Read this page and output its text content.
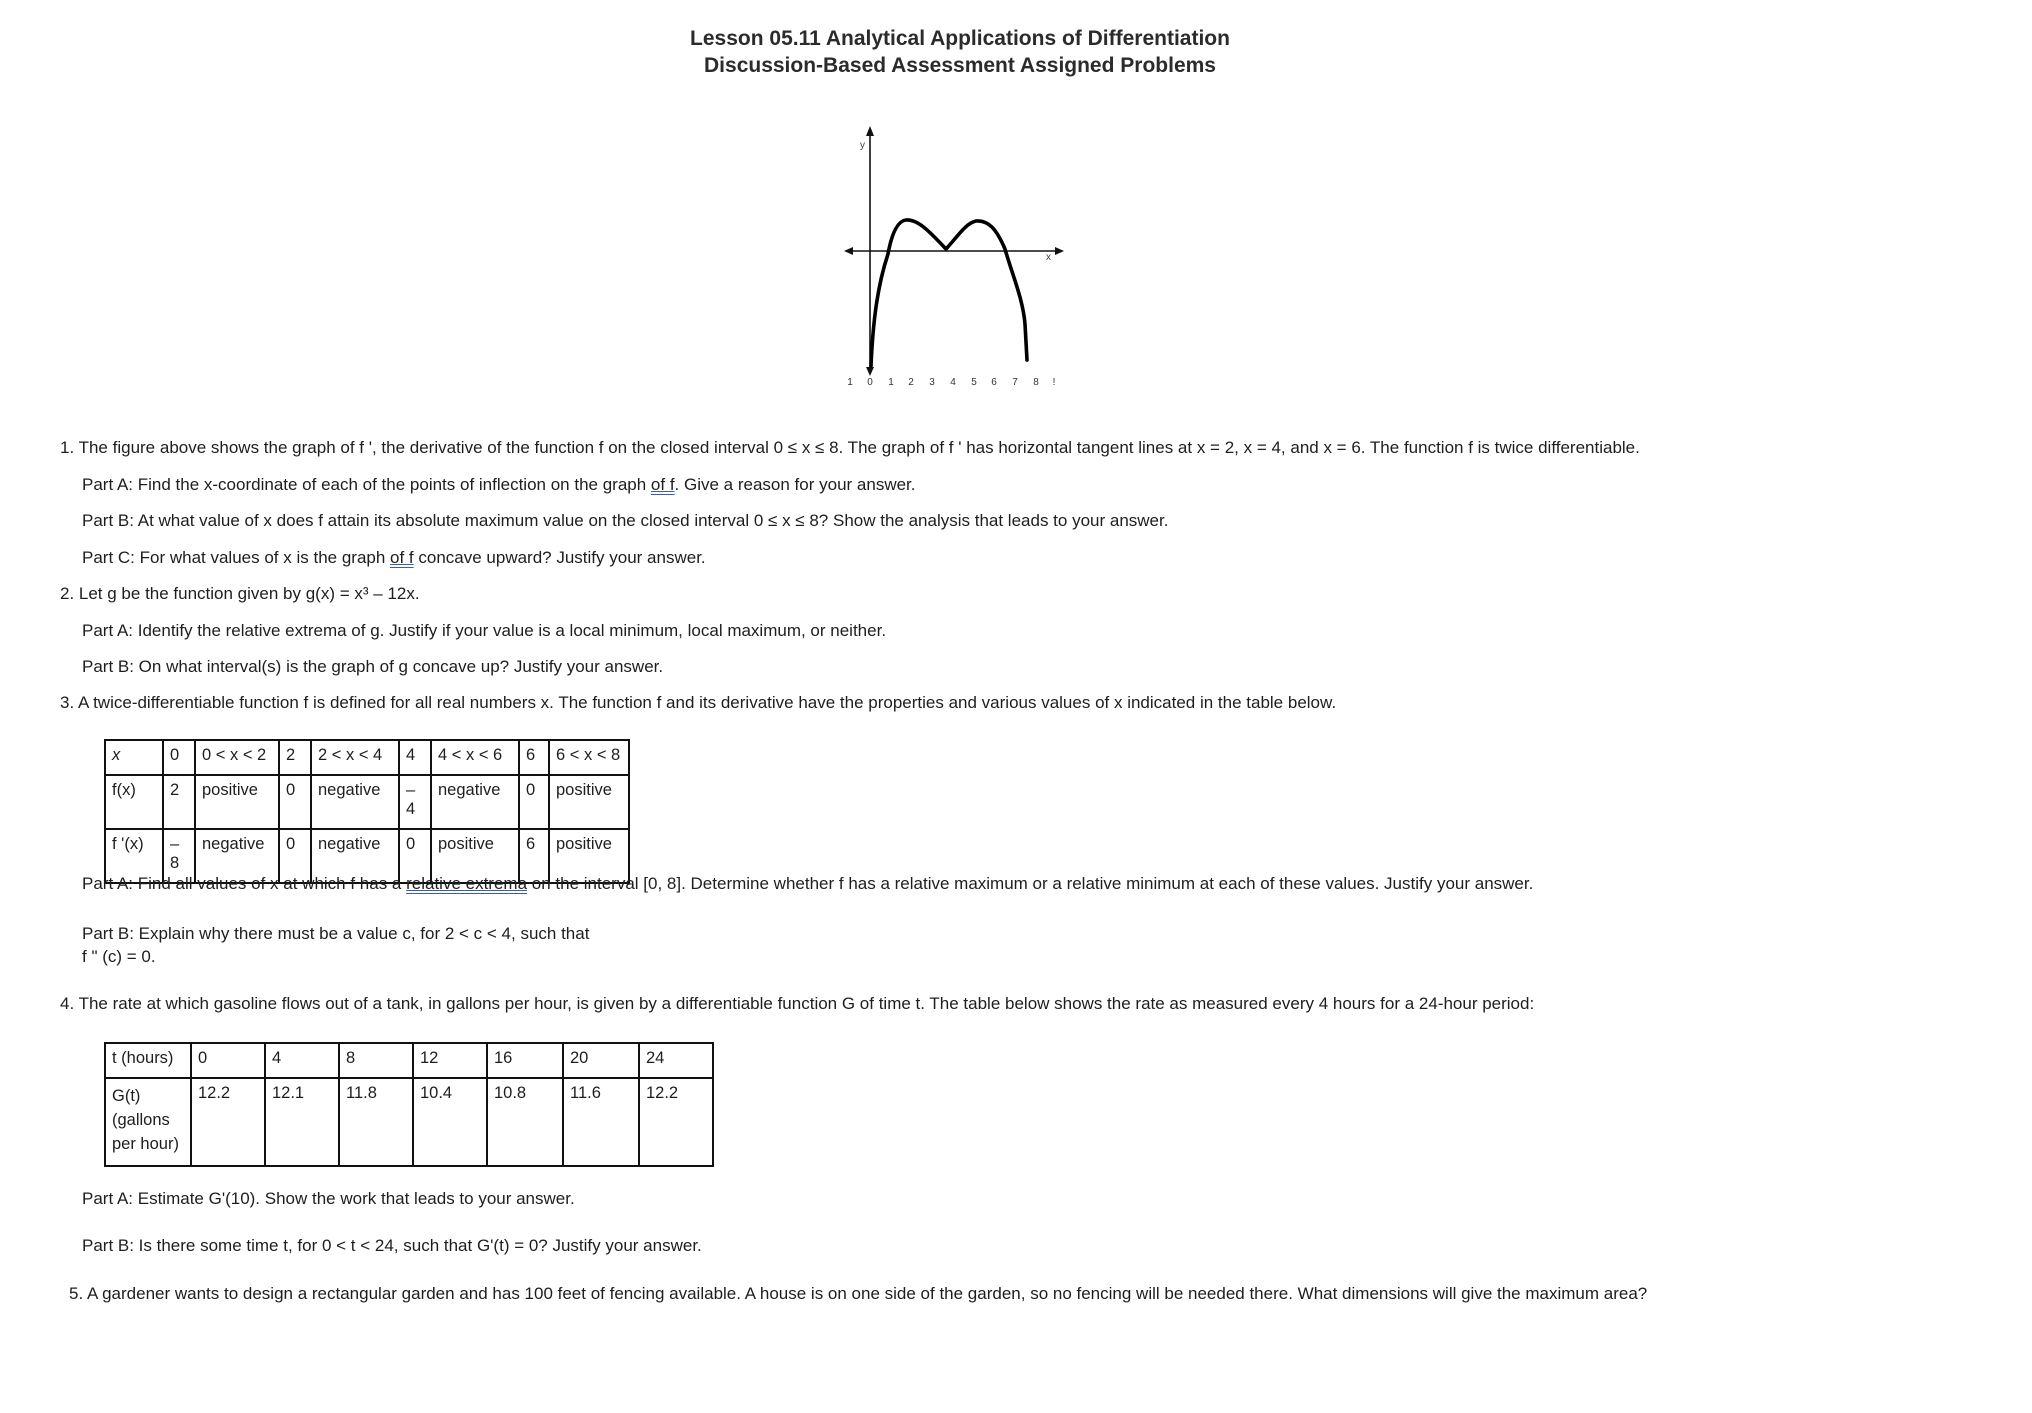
Lesson 05.11 Analytical Applications of Differentiation
Discussion-Based Assessment Assigned Problems
y
x
1 0 1 2 3 4 5 6 7 8 !
1. The figure above shows the graph of f ', the derivative of the function f on the closed interval 0 ≤ x ≤ 8. The graph of f ' has horizontal tangent lines at x = 2, x = 4, and x = 6. The function f is twice differentiable.
Part A: Find the x-coordinate of each of the points of inflection on the graph of f. Give a reason for your answer.
Part B: At what value of x does f attain its absolute maximum value on the closed interval 0 ≤ x ≤ 8? Show the analysis that leads to your answer.
Part C: For what values of x is the graph of f concave upward? Justify your answer.
2. Let g be the function given by g(x) = x³ – 12x.
Part A: Identify the relative extrema of g. Justify if your value is a local minimum, local maximum, or neither.
Part B: On what interval(s) is the graph of g concave up? Justify your answer.
3. A twice-differentiable function f is defined for all real numbers x. The function f and its derivative have the properties and various values of x indicated in the table below.
x	0	0 < x < 2	2	2 < x < 4	4	4 < x < 6	6	6 < x < 8
f(x)	2	positive	0	negative	–4	negative	0	positive
f '(x)	–8	negative	0	negative	0	positive	6	positive
Part A: Find all values of x at which f has a relative extrema on the interval [0, 8]. Determine whether f has a relative maximum or a relative minimum at each of these values. Justify your answer.
Part B: Explain why there must be a value c, for 2 < c < 4, such that
f " (c) = 0.
4. The rate at which gasoline flows out of a tank, in gallons per hour, is given by a differentiable function G of time t. The table below shows the rate as measured every 4 hours for a 24-hour period:
t (hours)	0	4	8	12	16	20	24

G(t)
(gallons
per hour)	12.2	12.1	11.8	10.4	10.8	11.6	12.2
Part A: Estimate G'(10). Show the work that leads to your answer.
Part B: Is there some time t, for 0 < t < 24, such that G'(t) = 0? Justify your answer.
5. A gardener wants to design a rectangular garden and has 100 feet of fencing available. A house is on one side of the garden, so no fencing will be needed there. What dimensions will give the maximum area?
